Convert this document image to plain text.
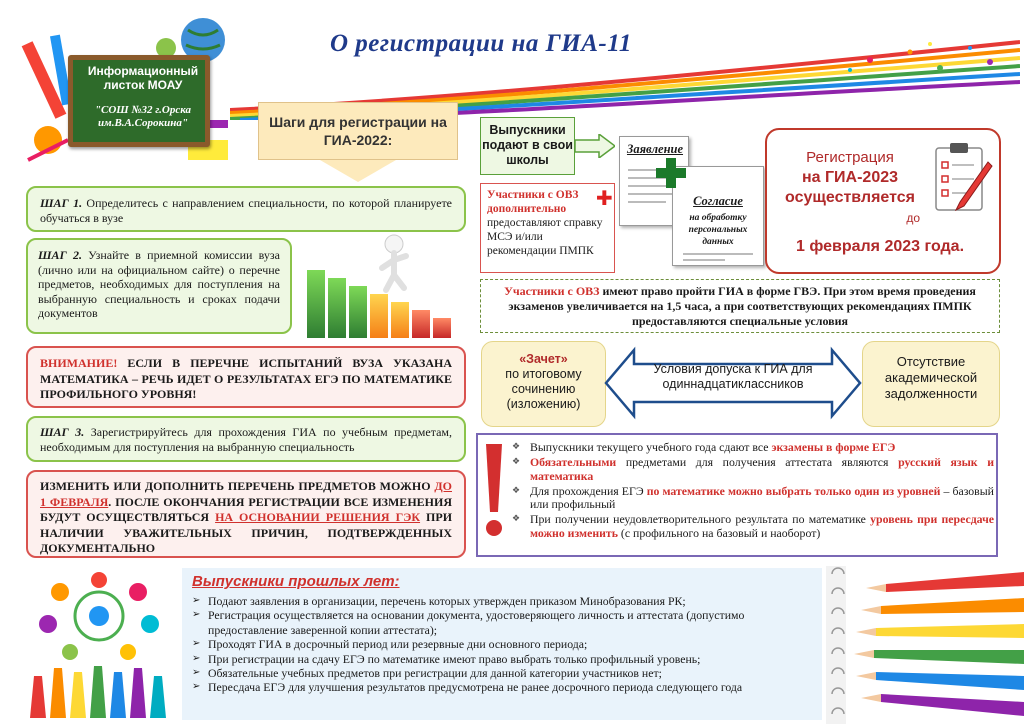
О регистрации на ГИА-11
Информационный листок МОАУ
"СОШ №32 г.Орска им.В.А.Сорокина"	Шаги для регистрации на ГИА-2022:
ШАГ 1. Определитесь с направлением специальности, по которой планируете обучаться в вузе
ШАГ 2. Узнайте в приемной комиссии вуза (лично или на официальном сайте) о перечне предметов, необходимых для поступления на выбранную специальность и сроках подачи документов
ВНИМАНИЕ! ЕСЛИ В ПЕРЕЧНЕ ИСПЫТАНИЙ ВУЗА УКАЗАНА МАТЕМАТИКА – РЕЧЬ ИДЕТ О РЕЗУЛЬТАТАХ ЕГЭ ПО МАТЕМАТИКЕ ПРОФИЛЬНОГО УРОВНЯ!
ШАГ 3. Зарегистрируйтесь для прохождения ГИА по учебным предметам, необходимым для поступления на выбранную специальность
ИЗМЕНИТЬ ИЛИ ДОПОЛНИТЬ ПЕРЕЧЕНЬ ПРЕДМЕТОВ МОЖНО ДО 1 ФЕВРАЛЯ. ПОСЛЕ ОКОНЧАНИЯ РЕГИСТРАЦИИ ВСЕ ИЗМЕНЕНИЯ БУДУТ ОСУЩЕСТВЛЯТЬСЯ НА ОСНОВАНИИ РЕШЕНИЯ ГЭК ПРИ НАЛИЧИИ УВАЖИТЕЛЬНЫХ ПРИЧИН, ПОДТВЕРЖДЕННЫХ ДОКУМЕНТАЛЬНО
Выпускники подают в свои школы
Участники с ОВЗ дополнительно предоставляют справку МСЭ и/или рекомендации ПМПК
✚
Заявление
Согласие
на обработку персональных данных
Регистрация
на ГИА-2023
осуществляется
до
1 февраля 2023 года.
Участники с ОВЗ имеют право пройти ГИА в форме ГВЭ. При этом время проведения экзаменов увеличивается на 1,5 часа, а при соответствующих рекомендациях ПМПК предоставляются специальные условия
«Зачет»
по итоговому сочинению (изложению)
Условия допуска к ГИА для одиннадцатиклассников
Отсутствие академической задолженности
❖ Выпускники текущего учебного года сдают все экзамены в форме ЕГЭ
❖ Обязательными предметами для получения аттестата являются русский язык и математика
❖ Для прохождения ЕГЭ по математике можно выбрать только один из уровней – базовый или профильный
❖ При получении неудовлетворительного результата по математике уровень при пересдаче можно изменить (с профильного на базовый и наоборот)
Выпускники прошлых лет:
➢ Подают заявления в организации, перечень которых утвержден приказом Минобразования РК;
➢ Регистрация осуществляется на основании документа, удостоверяющего личность и аттестата (допустимо предоставление заверенной копии аттестата);
➢ Проходят ГИА в досрочный период или резервные дни основного периода;
➢ При регистрации на сдачу ЕГЭ по математике имеют право выбрать только профильный уровень;
➢ Обязательные учебных предметов при регистрации для данной категории участников нет;
➢ Пересдача ЕГЭ для улучшения результатов предусмотрена не ранее досрочного периода следующего года
